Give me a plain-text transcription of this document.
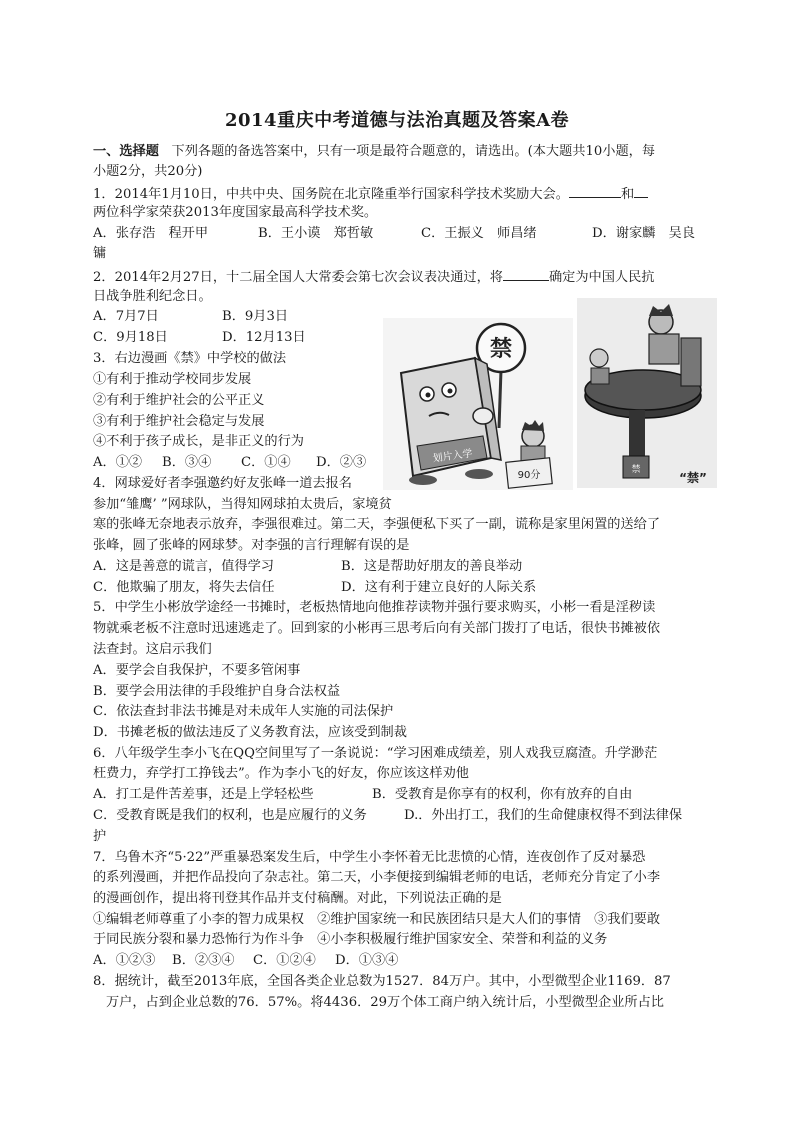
2014重庆中考道德与法治真题及答案A卷
一、选择题 下列各题的备选答案中，只有一项是最符合题意的，请选出。(本大题共10小题，每
小题2分，共20分)
1．2014年1月10日，中共中央、国务院在北京隆重举行国家科学技术奖励大会。	和
两位科学家荣获2013年度国家最高科学技术奖。
A．张存浩　程开甲	B．王小谟　郑哲敏	C．王振义　师昌绪	D．谢家麟　吴良
镛
2．2014年2月27日，十二届全国人大常委会第七次会议表决通过，将	确定为中国人民抗
日战争胜利纪念日。
A．7月7日	B．9月3日
C．9月18日	D．12月13日
3．右边漫画《禁》中学校的做法
①有利于推动学校同步发展
②有利于维护社会的公平正义
③有利于维护社会稳定与发展
④不利于孩子成长，是非正义的行为
A．①② B．③④ C．①④ D．②③
禁
划片入学
90分	禁
“禁”
4．网球爱好者李强邀约好友张峰一道去报名
参加“雏鹰’ ”网球队，当得知网球拍太贵后，家境贫
寒的张峰无奈地表示放弃，李强很难过。第二天，李强便私下买了一副，谎称是家里闲置的送给了
张峰，圆了张峰的网球梦。对李强的言行理解有误的是
A．这是善意的谎言，值得学习	B．这是帮助好朋友的善良举动
C．他欺骗了朋友，将失去信任	D．这有利于建立良好的人际关系
5．中学生小彬放学途经一书摊时，老板热情地向他推荐读物并强行要求购买，小彬一看是淫秽读
物就乘老板不注意时迅速逃走了。回到家的小彬再三思考后向有关部门拨打了电话，很快书摊被依
法查封。这启示我们
A．要学会自我保护，不要多管闲事
B．要学会用法律的手段维护自身合法权益
C．依法查封非法书摊是对未成年人实施的司法保护
D．书摊老板的做法违反了义务教育法，应该受到制裁
6．八年级学生李小飞在QQ空间里写了一条说说：“学习困难成绩差，别人戏我豆腐渣。升学渺茫
枉费力，弃学打工挣钱去”。作为李小飞的好友，你应该这样劝他
A．打工是件苦差事，还是上学轻松些	B．受教育是你享有的权利，你有放弃的自由
C．受教育既是我们的权利，也是应履行的义务	D.．外出打工，我们的生命健康权得不到法律保
护
7．乌鲁木齐“5·22”严重暴恐案发生后，中学生小李怀着无比悲愤的心情，连夜创作了反对暴恐
的系列漫画，并把作品投向了杂志社。第二天，小李便接到编辑老师的电话，老师充分肯定了小李
的漫画创作，提出将刊登其作品并支付稿酬。对此，下列说法正确的是
①编辑老师尊重了小李的智力成果权　②维护国家统一和民族团结只是大人们的事情　③我们要敢
于同民族分裂和暴力恐怖行为作斗争　④小李积极履行维护国家安全、荣誉和利益的义务
A．①②③ B．②③④ C．①②④ D．①③④
8．据统计，截至2013年底，全国各类企业总数为1527．84万户。其中，小型微型企业1169．87
万户，占到企业总数的76．57%。将4436．29万个体工商户纳入统计后，小型微型企业所占比
